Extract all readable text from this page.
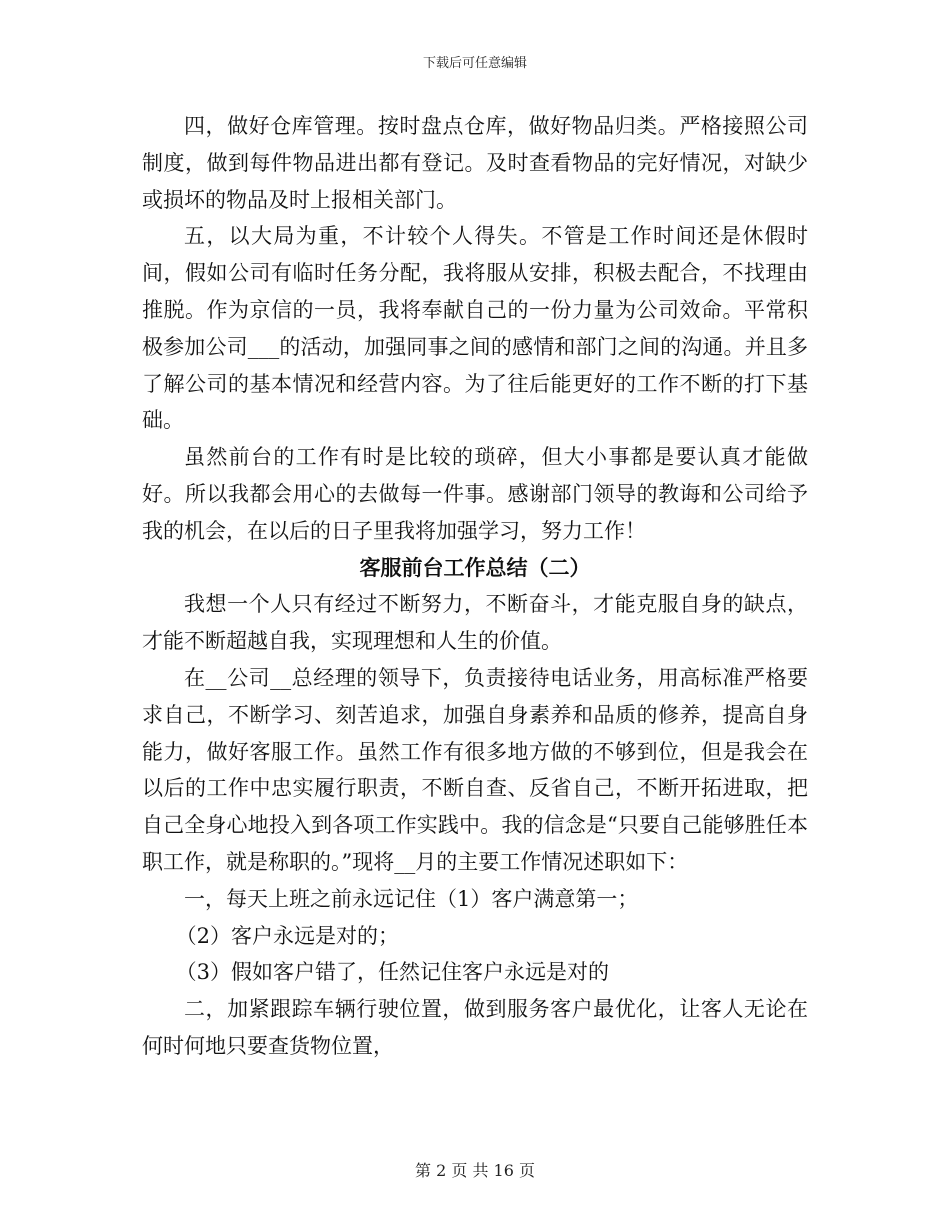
下载后可任意编辑

四，做好仓库管理。按时盘点仓库，做好物品归类。严格接照公司制度，做到每件物品进出都有登记。及时查看物品的完好情况，对缺少或损坏的物品及时上报相关部门。

五，以大局为重，不计较个人得失。不管是工作时间还是休假时间，假如公司有临时任务分配，我将服从安排，积极去配合，不找理由推脱。作为京信的一员，我将奉献自己的一份力量为公司效命。平常积极参加公司___的活动，加强同事之间的感情和部门之间的沟通。并且多了解公司的基本情况和经营内容。为了往后能更好的工作不断的打下基础。

虽然前台的工作有时是比较的琐碎，但大小事都是要认真才能做好。所以我都会用心的去做每一件事。感谢部门领导的教诲和公司给予我的机会，在以后的日子里我将加强学习，努力工作！

客服前台工作总结（二）

我想一个人只有经过不断努力，不断奋斗，才能克服自身的缺点，才能不断超越自我，实现理想和人生的价值。

在__公司__总经理的领导下，负责接待电话业务，用高标准严格要求自己，不断学习、刻苦追求，加强自身素养和品质的修养，提高自身能力，做好客服工作。虽然工作有很多地方做的不够到位，但是我会在以后的工作中忠实履行职责，不断自查、反省自己，不断开拓进取，把自己全身心地投入到各项工作实践中。我的信念是“只要自己能够胜任本职工作，就是称职的。”现将__月的主要工作情况述职如下：

一，每天上班之前永远记住（1）客户满意第一；

（2）客户永远是对的；

（3）假如客户错了，任然记住客户永远是对的

二，加紧跟踪车辆行驶位置，做到服务客户最优化，让客人无论在何时何地只要查货物位置，

第 2 页 共 16 页
